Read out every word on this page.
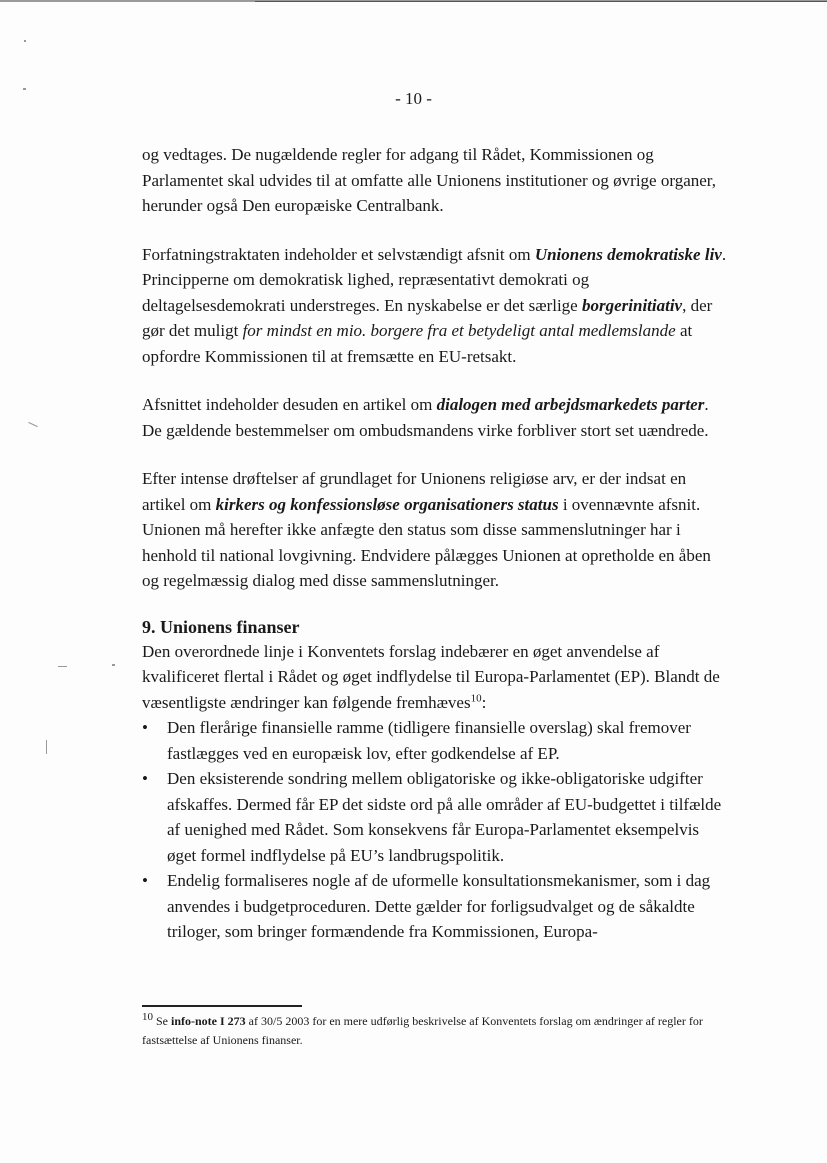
- 10 -

og vedtages. De nugældende regler for adgang til Rådet, Kommissionen og Parlamentet skal udvides til at omfatte alle Unionens institutioner og øvrige organer, herunder også Den europæiske Centralbank.

Forfatningstraktaten indeholder et selvstændigt afsnit om Unionens demokratiske liv. Principperne om demokratisk lighed, repræsentativt demokrati og deltagelsesdemokrati understreges. En nyskabelse er det særlige borgerinitiativ, der gør det muligt for mindst en mio. borgere fra et betydeligt antal medlemslande at opfordre Kommissionen til at fremsætte en EU-retsakt.

Afsnittet indeholder desuden en artikel om dialogen med arbejdsmarkedets parter. De gældende bestemmelser om ombudsmandens virke forbliver stort set uændrede.

Efter intense drøftelser af grundlaget for Unionens religiøse arv, er der indsat en artikel om kirkers og konfessionsløse organisationers status i ovennævnte afsnit. Unionen må herefter ikke anfægte den status som disse sammenslutninger har i henhold til national lovgivning. Endvidere pålægges Unionen at opretholde en åben og regelmæssig dialog med disse sammenslutninger.

9. Unionens finanser
Den overordnede linje i Konventets forslag indebærer en øget anvendelse af kvalificeret flertal i Rådet og øget indflydelse til Europa-Parlamentet (EP). Blandt de væsentligste ændringer kan følgende fremhæves$^{10}$:
• Den flerårige finansielle ramme (tidligere finansielle overslag) skal fremover fastlægges ved en europæisk lov, efter godkendelse af EP.
• Den eksisterende sondring mellem obligatoriske og ikke-obligatoriske udgifter afskaffes. Dermed får EP det sidste ord på alle områder af EU-budgettet i tilfælde af uenighed med Rådet. Som konsekvens får Europa-Parlamentet eksempelvis øget formel indflydelse på EU’s landbrugspolitik.
• Endelig formaliseres nogle af de uformelle konsultationsmekanismer, som i dag anvendes i budgetproceduren. Dette gælder for forligsudvalget og de såkaldte triloger, som bringer formændende fra Kommissionen, Europa-
$^{10}$ Se info-note I 273 af 30/5 2003 for en mere udførlig beskrivelse af Konventets forslag om ændringer af regler for fastsættelse af Unionens finanser.
